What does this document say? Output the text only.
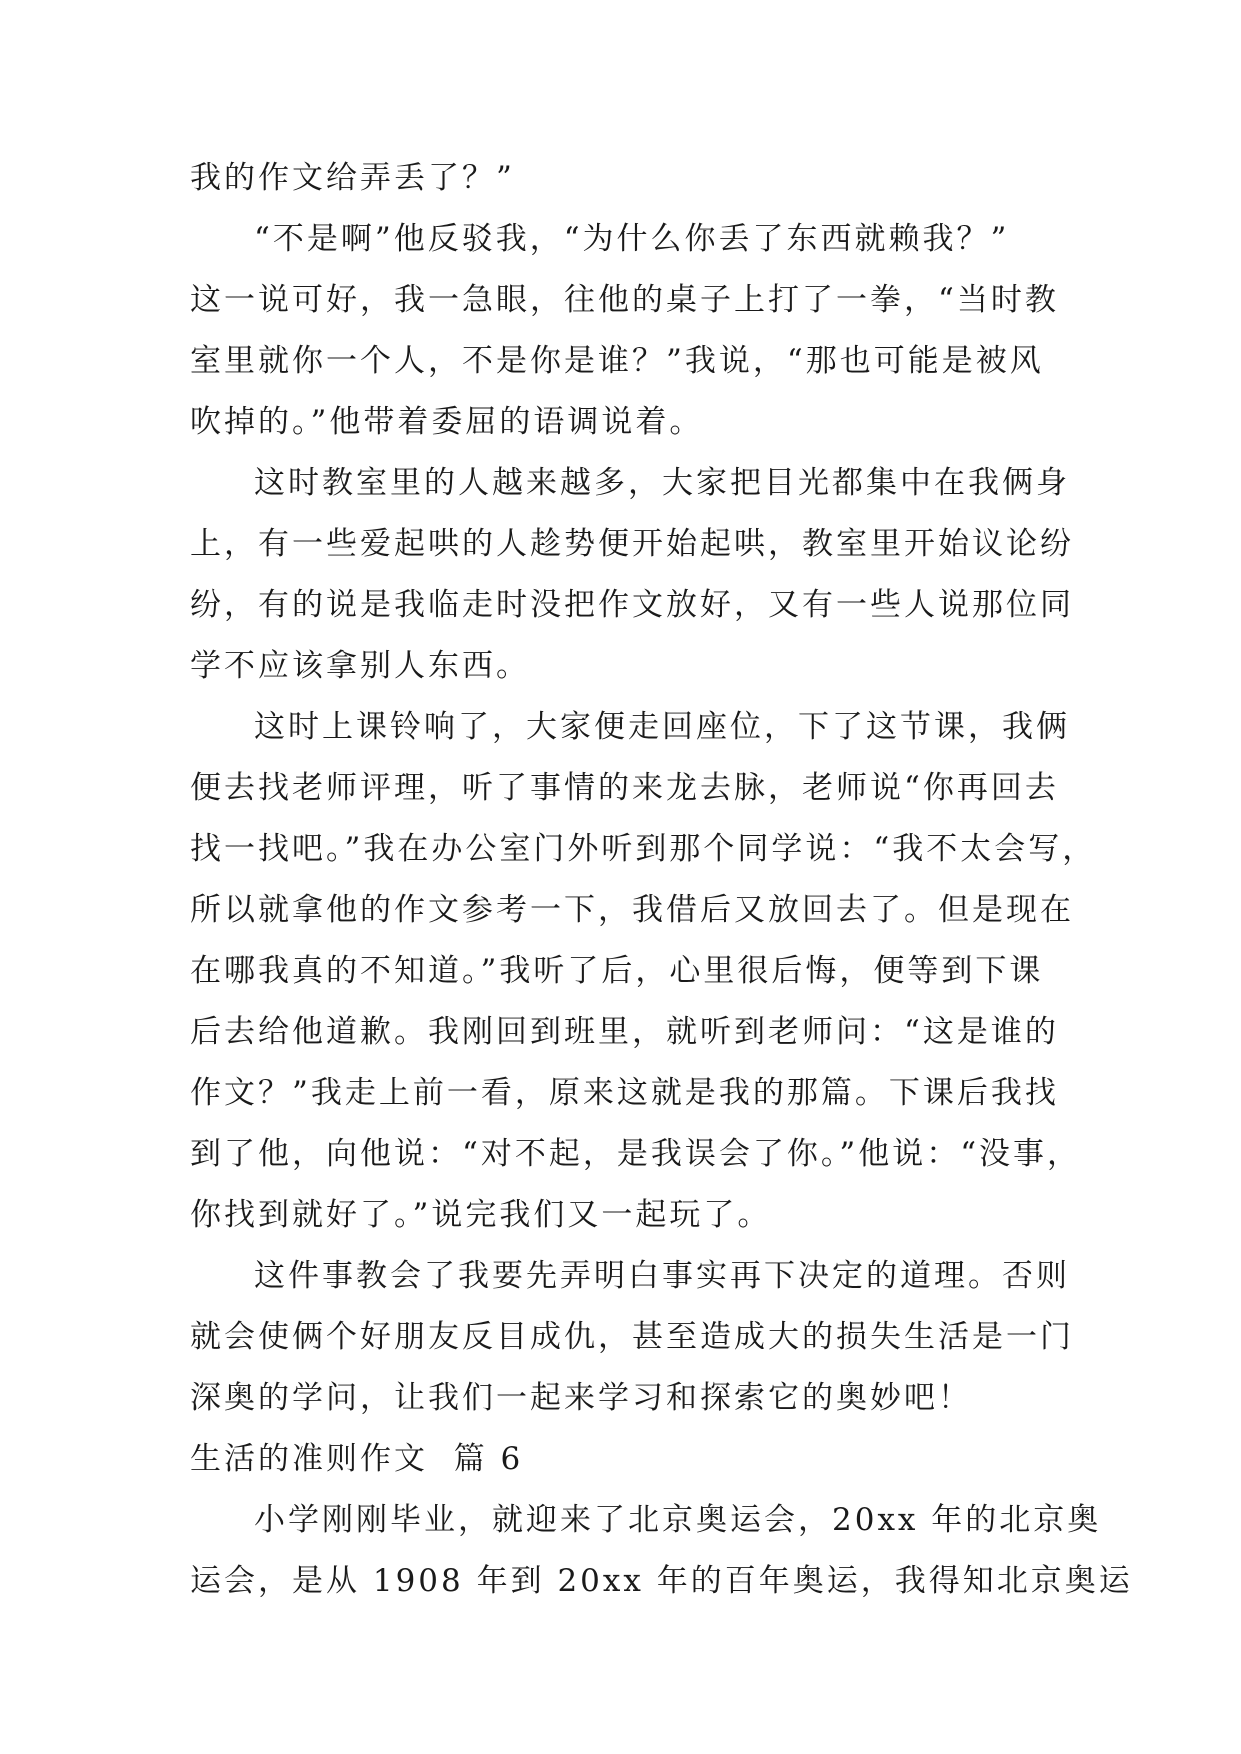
我的作文给弄丢了？”

“不是啊”他反驳我，“为什么你丢了东西就赖我？”

这一说可好，我一急眼，往他的桌子上打了一拳，“当时教

室里就你一个人，不是你是谁？”我说，“那也可能是被风

吹掉的。”他带着委屈的语调说着。

这时教室里的人越来越多，大家把目光都集中在我俩身

上，有一些爱起哄的人趁势便开始起哄，教室里开始议论纷

纷，有的说是我临走时没把作文放好，又有一些人说那位同

学不应该拿别人东西。

这时上课铃响了，大家便走回座位，下了这节课，我俩

便去找老师评理，听了事情的来龙去脉，老师说“你再回去

找一找吧。”我在办公室门外听到那个同学说：“我不太会写，

所以就拿他的作文参考一下，我借后又放回去了。但是现在

在哪我真的不知道。”我听了后，心里很后悔，便等到下课

后去给他道歉。我刚回到班里，就听到老师问：“这是谁的

作文？”我走上前一看，原来这就是我的那篇。下课后我找

到了他，向他说：“对不起，是我误会了你。”他说：“没事，

你找到就好了。”说完我们又一起玩了。

这件事教会了我要先弄明白事实再下决定的道理。否则

就会使俩个好朋友反目成仇，甚至造成大的损失生活是一门

深奥的学问，让我们一起来学习和探索它的奥妙吧！

生活的准则作文  篇 6

小学刚刚毕业，就迎来了北京奥运会，20xx 年的北京奥

运会，是从 1908 年到 20xx 年的百年奥运，我得知北京奥运
